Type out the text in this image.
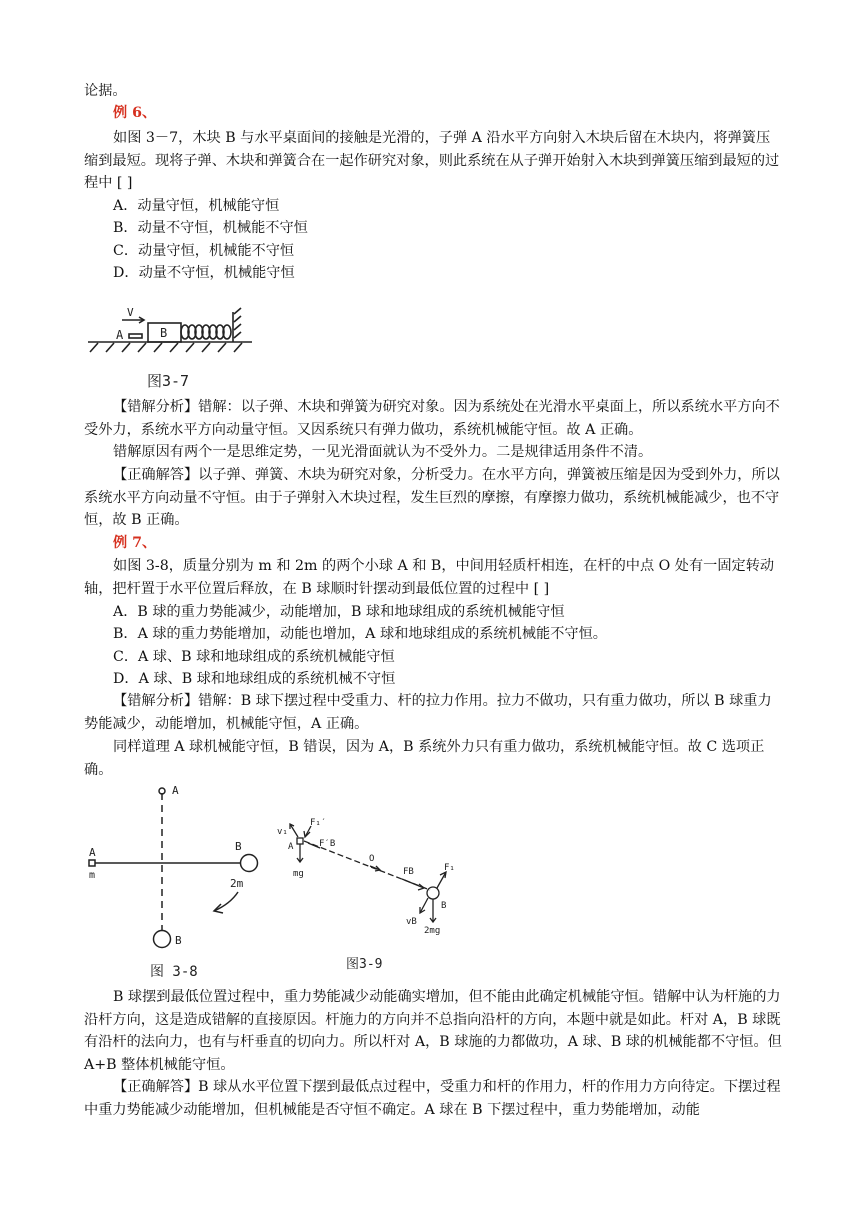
论据。

例 6、

如图 3－7，木块 B 与水平桌面间的接触是光滑的，子弹 A 沿水平方向射入木块后留在木块内，将弹簧压缩到最短。现将子弹、木块和弹簧合在一起作研究对象，则此系统在从子弹开始射入木块到弹簧压缩到最短的过程中 [ ]

A．动量守恒，机械能守恒

B．动量不守恒，机械能不守恒

C．动量守恒，机械能不守恒

D．动量不守恒，机械能守恒

V
A	B
图3-7

【错解分析】错解：以子弹、木块和弹簧为研究对象。因为系统处在光滑水平桌面上，所以系统水平方向不受外力，系统水平方向动量守恒。又因系统只有弹力做功，系统机械能守恒。故 A 正确。

错解原因有两个一是思维定势，一见光滑面就认为不受外力。二是规律适用条件不清。

【正确解答】以子弹、弹簧、木块为研究对象，分析受力。在水平方向，弹簧被压缩是因为受到外力，所以系统水平方向动量不守恒。由于子弹射入木块过程，发生巨烈的摩擦，有摩擦力做功，系统机械能减少，也不守恒，故 B 正确。

例 7、

如图 3-8，质量分别为 m 和 2m 的两个小球 A 和 B，中间用轻质杆相连，在杆的中点 O 处有一固定转动轴，把杆置于水平位置后释放，在 B 球顺时针摆动到最低位置的过程中 [ ]

A．B 球的重力势能减少，动能增加，B 球和地球组成的系统机械能守恒

B．A 球的重力势能增加，动能也增加，A 球和地球组成的系统机械能不守恒。

C．A 球、B 球和地球组成的系统机械能守恒

D．A 球、B 球和地球组成的系统机械不守恒

【错解分析】错解：B 球下摆过程中受重力、杆的拉力作用。拉力不做功，只有重力做功，所以 B 球重力势能减少，动能增加，机械能守恒，A 正确。

同样道理 A 球机械能守恒，B 错误，因为 A，B 系统外力只有重力做功，系统机械能守恒。故 C 选项正确。

A
A
m
B
2m
B
图 3-8
v₁
F₁′
A	F′B
mg
O
FB	F₁
B
vB
2mg
图3-9

B 球摆到最低位置过程中，重力势能减少动能确实增加，但不能由此确定机械能守恒。错解中认为杆施的力沿杆方向，这是造成错解的直接原因。杆施力的方向并不总指向沿杆的方向，本题中就是如此。杆对 A，B 球既有沿杆的法向力，也有与杆垂直的切向力。所以杆对 A，B 球施的力都做功，A 球、B 球的机械能都不守恒。但 A+B 整体机械能守恒。

【正确解答】B 球从水平位置下摆到最低点过程中，受重力和杆的作用力，杆的作用力方向待定。下摆过程中重力势能减少动能增加，但机械能是否守恒不确定。A 球在 B 下摆过程中，重力势能增加，动能
